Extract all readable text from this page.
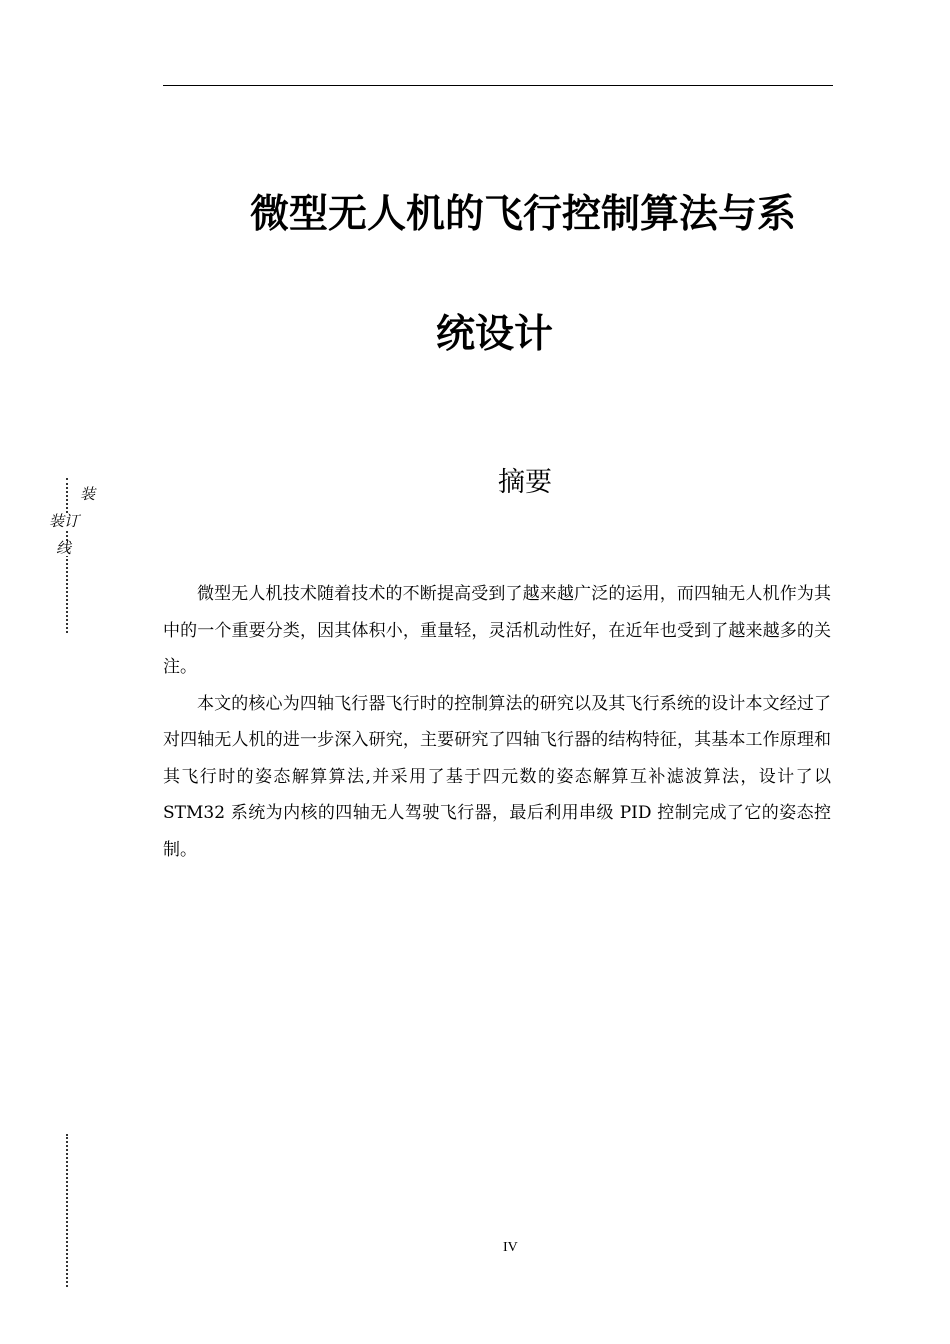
微型无人机的飞行控制算法与系
统设计
摘要

微型无人机技术随着技术的不断提高受到了越来越广泛的运用，而四轴无人机作为其中的一个重要分类，因其体积小，重量轻，灵活机动性好，在近年也受到了越来越多的关注。

本文的核心为四轴飞行器飞行时的控制算法的研究以及其飞行系统的设计本文经过了对四轴无人机的进一步深入研究，主要研究了四轴飞行器的结构特征，其基本工作原理和其飞行时的姿态解算算法,并采用了基于四元数的姿态解算互补滤波算法，设计了以 STM32 系统为内核的四轴无人驾驶飞行器，最后利用串级 PID 控制完成了它的姿态控制。

装
装订
线
IV
